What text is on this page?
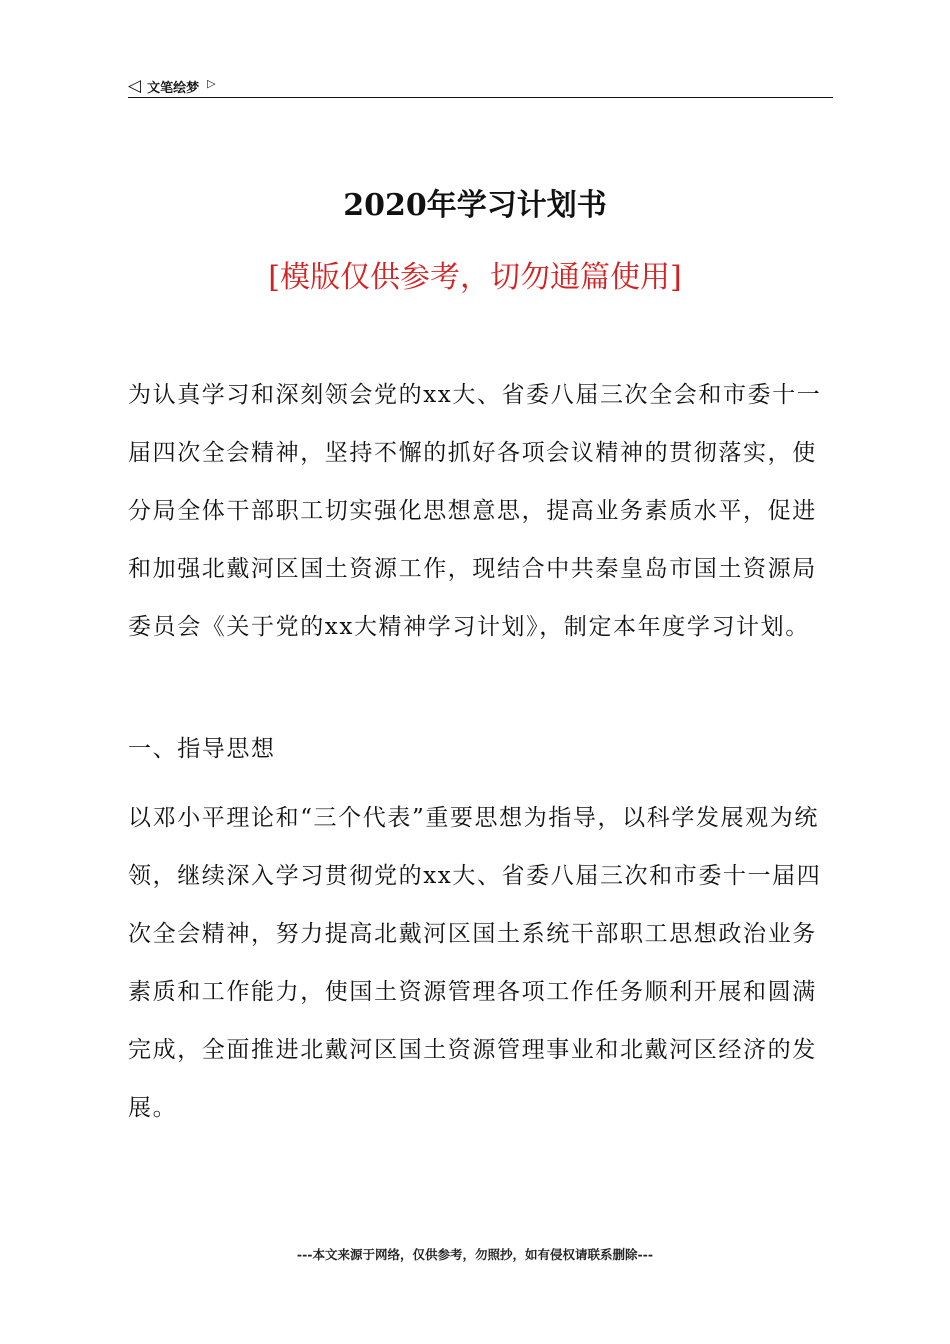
◁ 文笔绘梦 ▷
2020年学习计划书
[模版仅供参考，切勿通篇使用]

为认真学习和深刻领会党的xx大、省委八届三次全会和市委十一届四次全会精神，坚持不懈的抓好各项会议精神的贯彻落实，使分局全体干部职工切实强化思想意思，提高业务素质水平，促进和加强北戴河区国土资源工作，现结合中共秦皇岛市国土资源局委员会《关于党的xx大精神学习计划》，制定本年度学习计划。

一、指导思想

以邓小平理论和“三个代表”重要思想为指导，以科学发展观为统领，继续深入学习贯彻党的xx大、省委八届三次和市委十一届四次全会精神，努力提高北戴河区国土系统干部职工思想政治业务素质和工作能力，使国土资源管理各项工作任务顺利开展和圆满完成，全面推进北戴河区国土资源管理事业和北戴河区经济的发展。

---本文来源于网络，仅供参考，勿照抄，如有侵权请联系删除---
